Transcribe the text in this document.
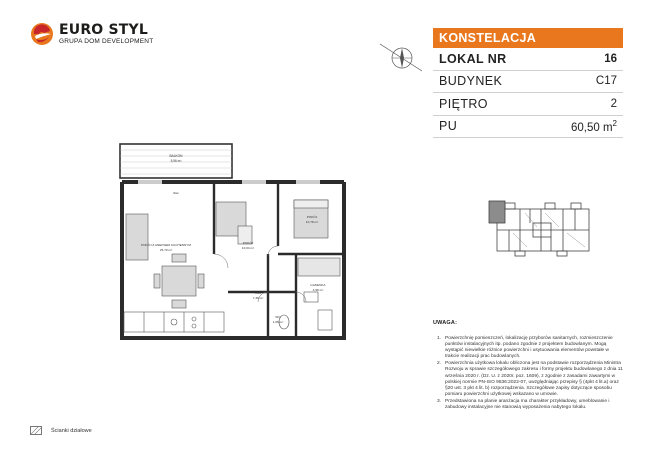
EURO STYL
GRUPA DOM DEVELOPMENT	KONSTELACJA
LOKAL NR	16
BUDYNEK	C17
PIĘTRO	2
PU	60,50 $m^2$
BALKON
5,96 m²
POKÓJ Z ANEKSEM KUCHENNYM
25,70 m²
POKÓJ
10,04 m²
POKÓJ
10,78 m²
HOL
7,36 m²
ŁAZIENKA
4,98 m²
WC
1,65 m²
fktw
UWAGA:
1. Powierzchnię pomieszczeń, lokalizację przyborów sanitarnych, rozmieszczenie punktów instalacyjnych itp. podano zgodnie z projektem budowlanym. Mogą wystąpić niewielkie różnice powierzchni i usytuowania elementów powstałe w trakcie realizacji prac budowlanych.
2. Powierzchnia użytkowa lokalu obliczona jest na podstawie rozporządzenia Ministra Rozwoju w sprawie szczegółowego zakresu i formy projektu budowlanego z dnia 11 września 2020 r. (Dz. U. z 2020r. poz. 1609), z zgodnie z zasadami zawartymi w polskiej normie PN-ISO 9836:2022-07, uwzględniając przepisy § (4pkt 4 lit.a) oraz §20 ust. 3 pkt 4 lit. b) rozporządzenia. Szczegółowe zapisy dotyczące sposobu pomiaru powierzchni użytkowej wskazano w umowie.
3. Przedstawiona na planie aranżacja ma charakter przykładowy, umeblowanie i zabudowy instalacyjne nie stanowią wyposażenia nabytego lokalu.
Ścianki działowe
